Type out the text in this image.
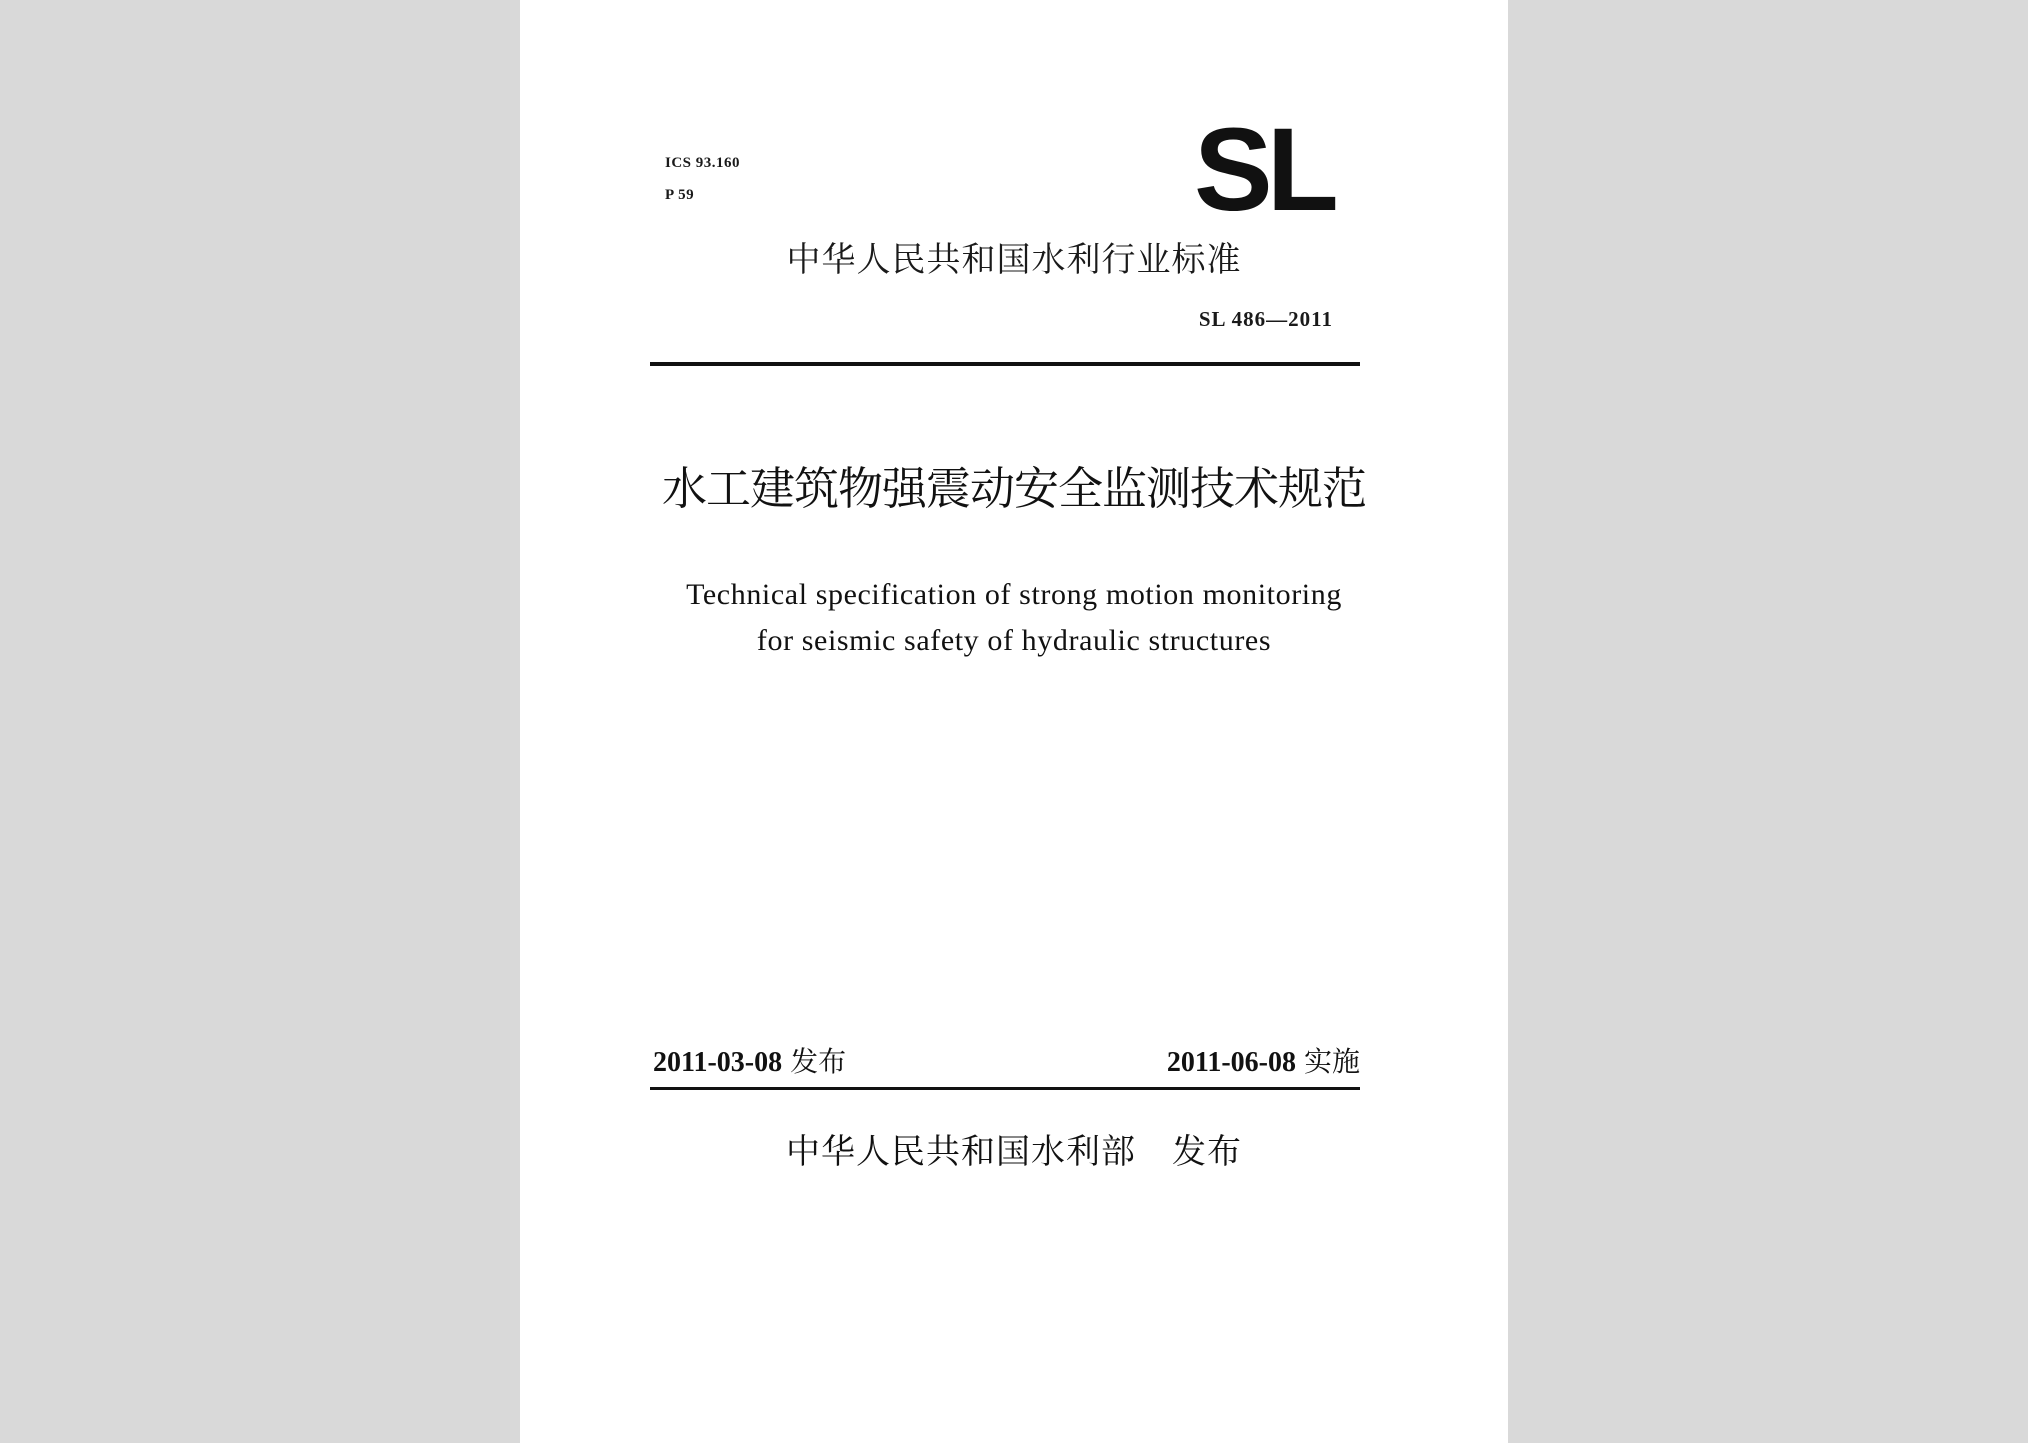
ICS 93.160
P 59	SL
中华人民共和国水利行业标准
SL 486—2011
水工建筑物强震动安全监测技术规范
Technical specification of strong motion monitoring
for seismic safety of hydraulic structures
2011-03-08 发布	2011-06-08 实施
中华人民共和国水利部 发布
